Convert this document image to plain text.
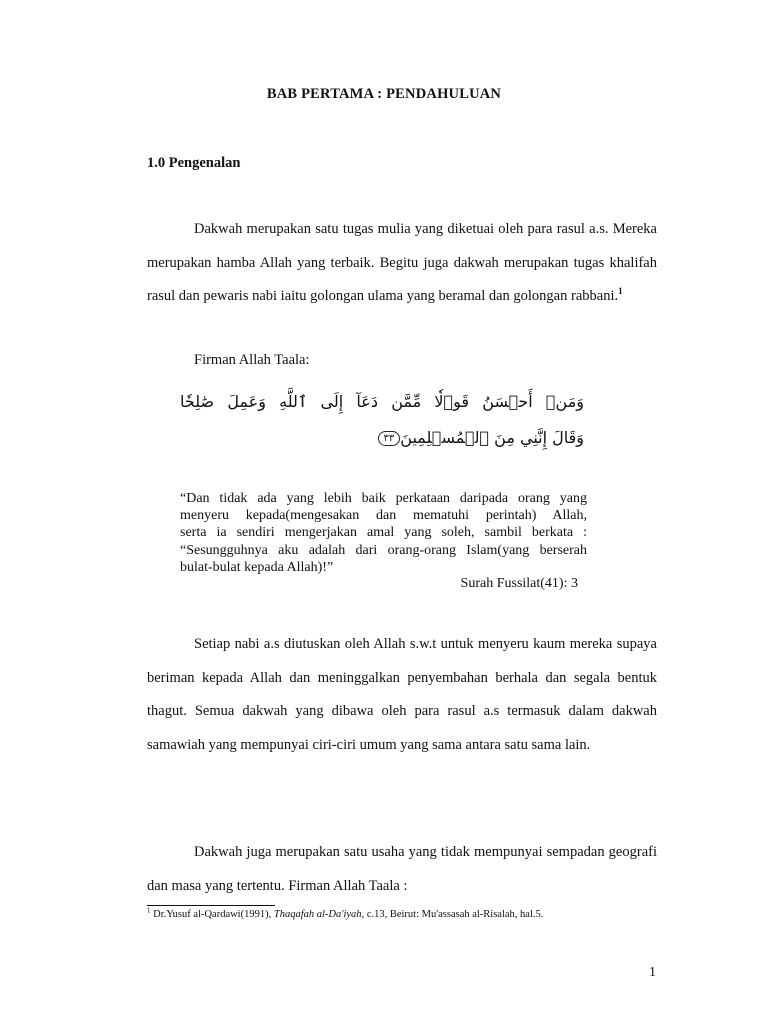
BAB PERTAMA : PENDAHULUAN
1.0 Pengenalan

Dakwah merupakan satu tugas mulia yang diketuai oleh para rasul a.s. Mereka merupakan hamba Allah yang terbaik. Begitu juga dakwah merupakan tugas khalifah rasul dan pewaris nabi iaitu golongan ulama yang beramal dan golongan rabbani.$^1$

Firman Allah Taala:
وَمَنۡ أَحۡسَنُ قَوۡلٗا مِّمَّن دَعَآ إِلَى ٱللَّهِ وَعَمِلَ صَٰلِحٗا
وَقَالَ إِنَّنِي مِنَ ٱلۡمُسۡلِمِينَ٣٣
“Dan tidak ada yang lebih baik perkataan daripada orang yang
menyeru kepada(mengesakan dan mematuhi perintah) Allah,
serta ia sendiri mengerjakan amal yang soleh, sambil berkata :
“Sesungguhnya aku adalah dari orang-orang Islam(yang berserah
bulat-bulat kepada Allah)!”
Surah Fussilat(41): 3

Setiap nabi a.s diutuskan oleh Allah s.w.t untuk menyeru kaum mereka supaya beriman kepada Allah dan meninggalkan penyembahan berhala dan segala bentuk thagut. Semua dakwah yang dibawa oleh para rasul a.s termasuk dalam dakwah samawiah yang mempunyai ciri-ciri umum yang sama antara satu sama lain.

Dakwah juga merupakan satu usaha yang tidak mempunyai sempadan geografi dan masa yang tertentu. Firman Allah Taala :

$^1$ Dr.Yusuf al-Qardawi(1991), Thaqafah al-Da'iyah, c.13, Beirut: Mu'assasah al-Risalah, hal.5.
1
